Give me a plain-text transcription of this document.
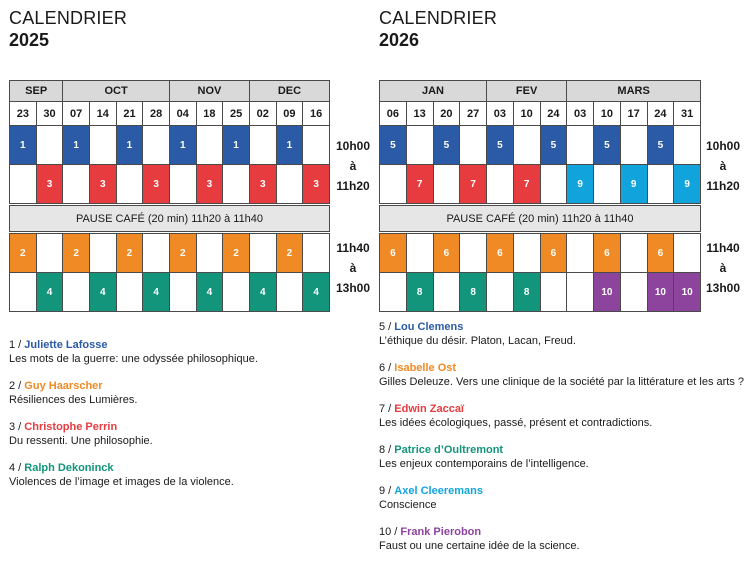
CALENDRIER
2025
SEP		OCT				NOV			DEC		
23	30	07	14	21	28	04	18	25	02	09	16
1		1		1		1		1		1	
	3		3		3		3		3		3

PAUSE CAFÉ (20 min) 11h20 à 11h40											

2		2		2		2		2		2	
	4		4		4		4		4		4
10h00
à
11h20
11h40
à
13h00
CALENDRIER
2026
JAN				FEV			MARS				
06	13	20	27	03	10	24	03	10	17	24	31
5		5		5		5		5		5	
	7		7		7		9		9		9

PAUSE CAFÉ (20 min) 11h20 à 11h40											

6		6		6		6		6		6	
	8		8		8			10		10	10
10h00
à
11h20
11h40
à
13h00
1 / Juliette Lafosse
Les mots de la guerre: une odyssée philosophique.
2 / Guy Haarscher
Résiliences des Lumières.
3 / Christophe Perrin
Du ressenti. Une philosophie.
4 / Ralph Dekoninck
Violences de l’image et images de la violence.
5 / Lou Clemens
L’éthique du désir. Platon, Lacan, Freud.
6 / Isabelle Ost
Gilles Deleuze. Vers une clinique de la société par la littérature et les arts ?
7 / Edwin Zaccaï
Les idées écologiques, passé, présent et contradictions.
8 / Patrice d’Oultremont
Les enjeux contemporains de l’intelligence.
9 / Axel Cleeremans
Conscience
10 / Frank Pierobon
Faust ou une certaine idée de la science.
